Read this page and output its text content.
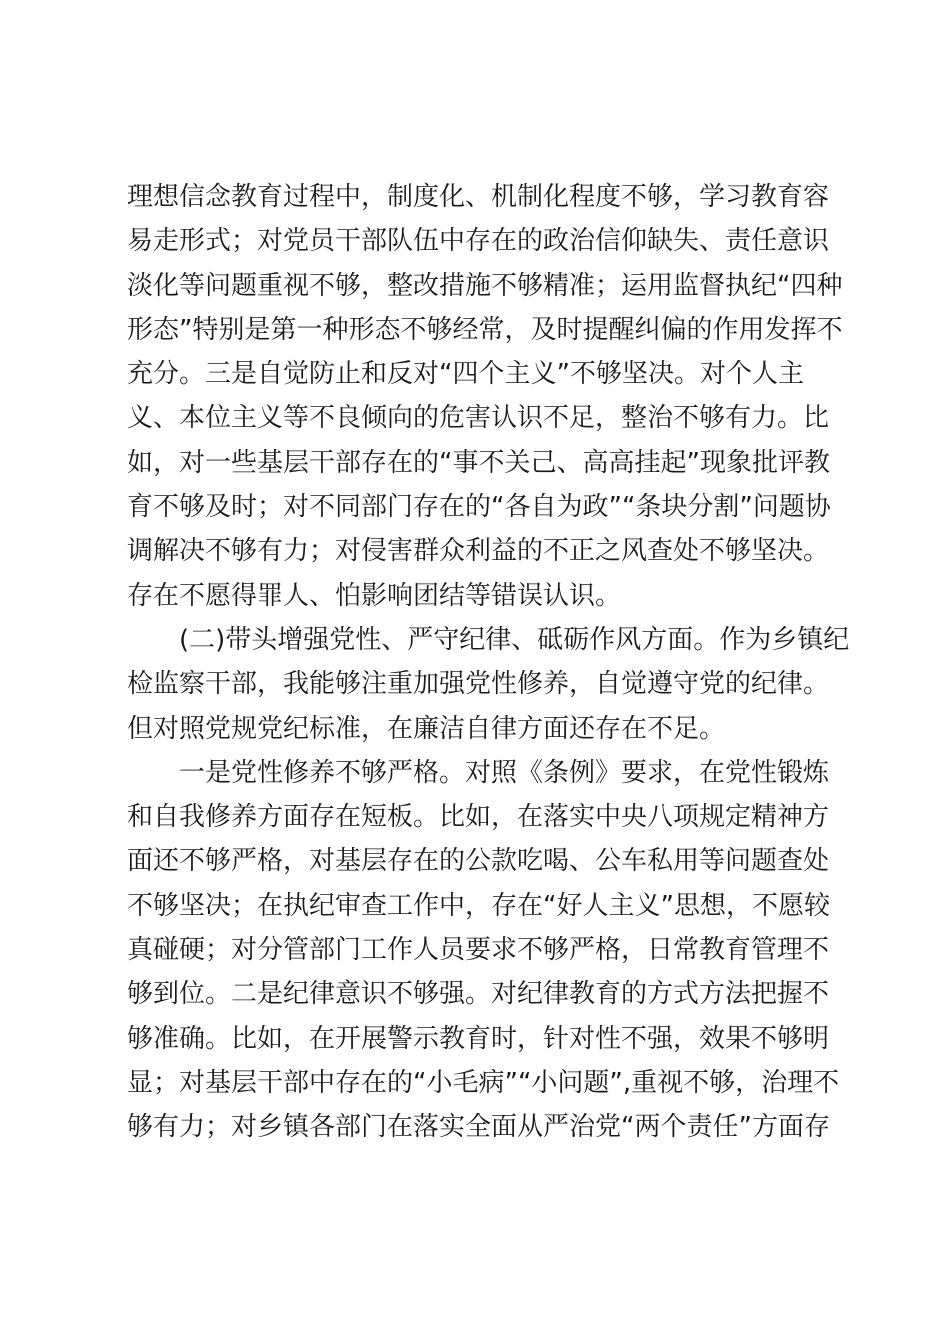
理想信念教育过程中，制度化、机制化程度不够，学习教育容
易走形式；对党员干部队伍中存在的政治信仰缺失、责任意识
淡化等问题重视不够，整改措施不够精准；运用监督执纪“四种
形态”特别是第一种形态不够经常，及时提醒纠偏的作用发挥不
充分。三是自觉防止和反对“四个主义”不够坚决。对个人主
义、本位主义等不良倾向的危害认识不足，整治不够有力。比
如，对一些基层干部存在的“事不关己、高高挂起”现象批评教
育不够及时；对不同部门存在的“各自为政”“条块分割”问题协
调解决不够有力；对侵害群众利益的不正之风查处不够坚决。
存在不愿得罪人、怕影响团结等错误认识。
(二)带头增强党性、严守纪律、砥砺作风方面。作为乡镇纪
检监察干部，我能够注重加强党性修养，自觉遵守党的纪律。
但对照党规党纪标准，在廉洁自律方面还存在不足。
一是党性修养不够严格。对照《条例》要求，在党性锻炼
和自我修养方面存在短板。比如，在落实中央八项规定精神方
面还不够严格，对基层存在的公款吃喝、公车私用等问题查处
不够坚决；在执纪审查工作中，存在“好人主义”思想，不愿较
真碰硬；对分管部门工作人员要求不够严格，日常教育管理不
够到位。二是纪律意识不够强。对纪律教育的方式方法把握不
够准确。比如，在开展警示教育时，针对性不强，效果不够明
显；对基层干部中存在的“小毛病”“小问题”,重视不够，治理不
够有力；对乡镇各部门在落实全面从严治党“两个责任”方面存
